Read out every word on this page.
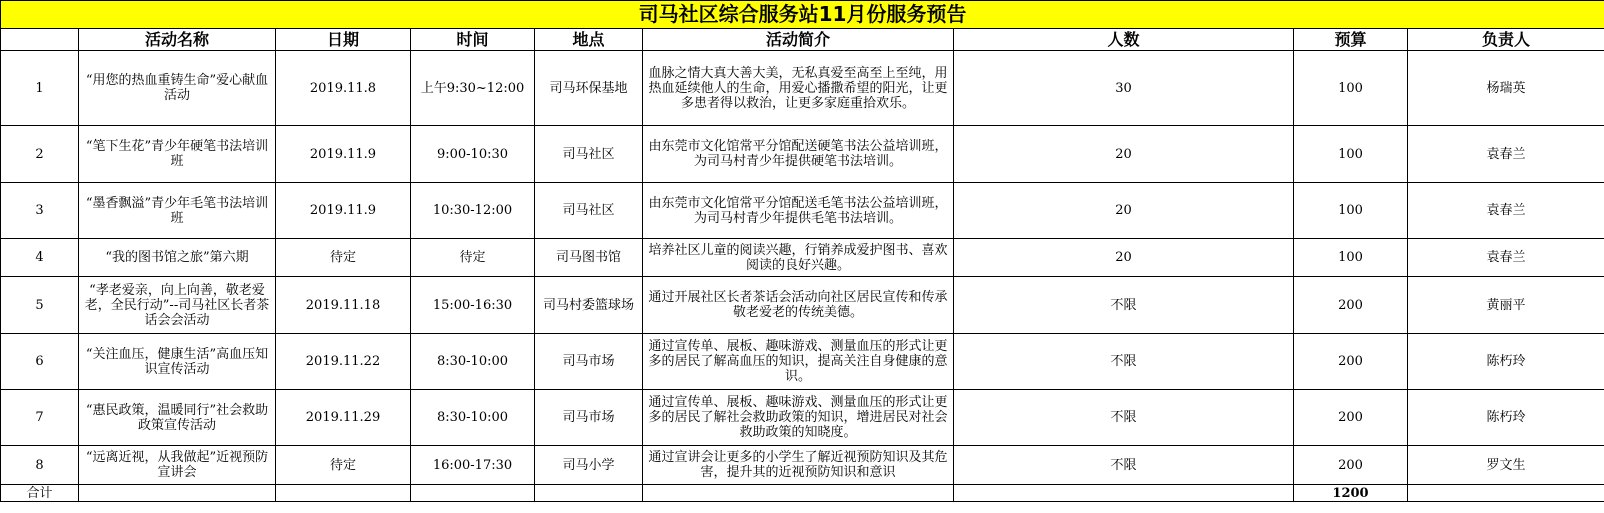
司马社区综合服务站11月份服务预告								
	活动名称	日期	时间	地点	活动简介	人数	预算	负责人
1	“用您的热血重铸生命”爱心献血活动	2019.11.8	上午9:30~12:00	司马环保基地	血脉之情大真大善大美，无私真爱至高至上至纯，用热血延续他人的生命，用爱心播撒希望的阳光，让更多患者得以救治，让更多家庭重拾欢乐。	30	100	杨瑞英
2	“笔下生花”青少年硬笔书法培训班	2019.11.9	9:00-10:30	司马社区	由东莞市文化馆常平分馆配送硬笔书法公益培训班，为司马村青少年提供硬笔书法培训。	20	100	袁春兰
3	“墨香飘溢”青少年毛笔书法培训班	2019.11.9	10:30-12:00	司马社区	由东莞市文化馆常平分馆配送毛笔书法公益培训班，为司马村青少年提供毛笔书法培训。	20	100	袁春兰
4	“我的图书馆之旅”第六期	待定	待定	司马图书馆	培养社区儿童的阅读兴趣，行销养成爱护图书、喜欢阅读的良好兴趣。	20	100	袁春兰
5	“孝老爱亲，向上向善，敬老爱老，全民行动”--司马社区长者茶话会会活动	2019.11.18	15:00-16:30	司马村委篮球场	通过开展社区长者茶话会活动向社区居民宣传和传承敬老爱老的传统美德。	不限	200	黄丽平
6	“关注血压，健康生活”高血压知识宣传活动	2019.11.22	8:30-10:00	司马市场	通过宣传单、展板、趣味游戏、测量血压的形式让更多的居民了解高血压的知识，提高关注自身健康的意识。	不限	200	陈朽玲
7	“惠民政策，温暖同行”社会救助政策宣传活动	2019.11.29	8:30-10:00	司马市场	通过宣传单、展板、趣味游戏、测量血压的形式让更多的居民了解社会救助政策的知识，增进居民对社会救助政策的知晓度。	不限	200	陈朽玲
8	“远离近视，从我做起”近视预防宣讲会	待定	16:00-17:30	司马小学	通过宣讲会让更多的小学生了解近视预防知识及其危害，提升其的近视预防知识和意识	不限	200	罗文生
合计							1200	
